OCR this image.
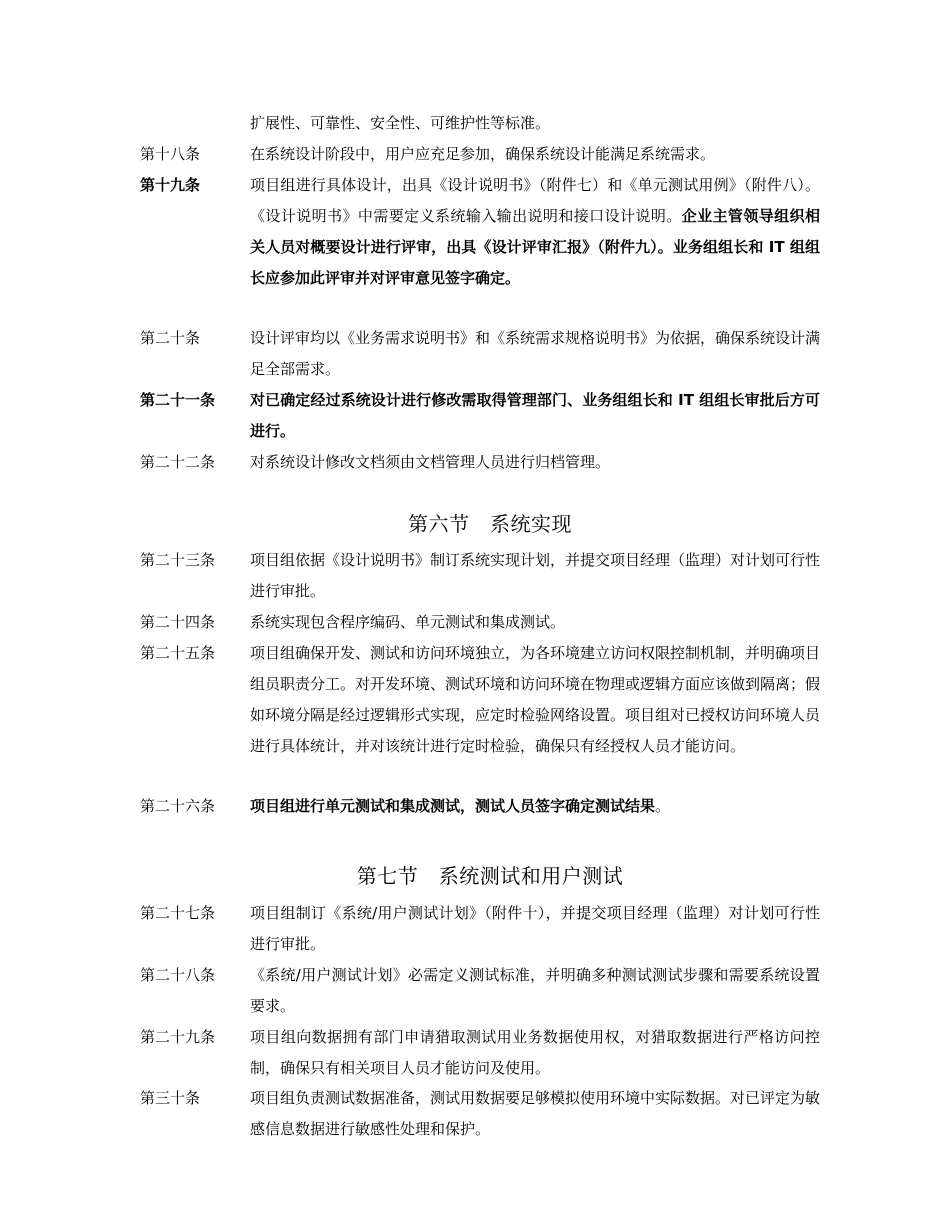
扩展性、可靠性、安全性、可维护性等标准。
第十八条	在系统设计阶段中，用户应充足参加，确保系统设计能满足系统需求。
第十九条	项目组进行具体设计，出具《设计说明书》（附件七）和《单元测试用例》（附件八）。《设计说明书》中需要定义系统输入输出说明和接口设计说明。企业主管领导组织相关人员对概要设计进行评审，出具《设计评审汇报》（附件九）。业务组组长和 IT 组组长应参加此评审并对评审意见签字确定。
第二十条	设计评审均以《业务需求说明书》和《系统需求规格说明书》为依据，确保系统设计满足全部需求。
第二十一条	对已确定经过系统设计进行修改需取得管理部门、业务组组长和 IT 组组长审批后方可进行。
第二十二条	对系统设计修改文档须由文档管理人员进行归档管理。
第六节　系统实现
第二十三条	项目组依据《设计说明书》制订系统实现计划，并提交项目经理（监理）对计划可行性进行审批。
第二十四条	系统实现包含程序编码、单元测试和集成测试。
第二十五条	项目组确保开发、测试和访问环境独立，为各环境建立访问权限控制机制，并明确项目组员职责分工。对开发环境、测试环境和访问环境在物理或逻辑方面应该做到隔离；假如环境分隔是经过逻辑形式实现，应定时检验网络设置。项目组对已授权访问环境人员进行具体统计，并对该统计进行定时检验，确保只有经授权人员才能访问。
第二十六条	项目组进行单元测试和集成测试，测试人员签字确定测试结果。
第七节　系统测试和用户测试
第二十七条	项目组制订《系统/用户测试计划》（附件十），并提交项目经理（监理）对计划可行性进行审批。
第二十八条	《系统/用户测试计划》必需定义测试标准，并明确多种测试测试步骤和需要系统设置要求。
第二十九条	项目组向数据拥有部门申请猎取测试用业务数据使用权，对猎取数据进行严格访问控制，确保只有相关项目人员才能访问及使用。
第三十条	项目组负责测试数据准备，测试用数据要足够模拟使用环境中实际数据。对已评定为敏感信息数据进行敏感性处理和保护。
